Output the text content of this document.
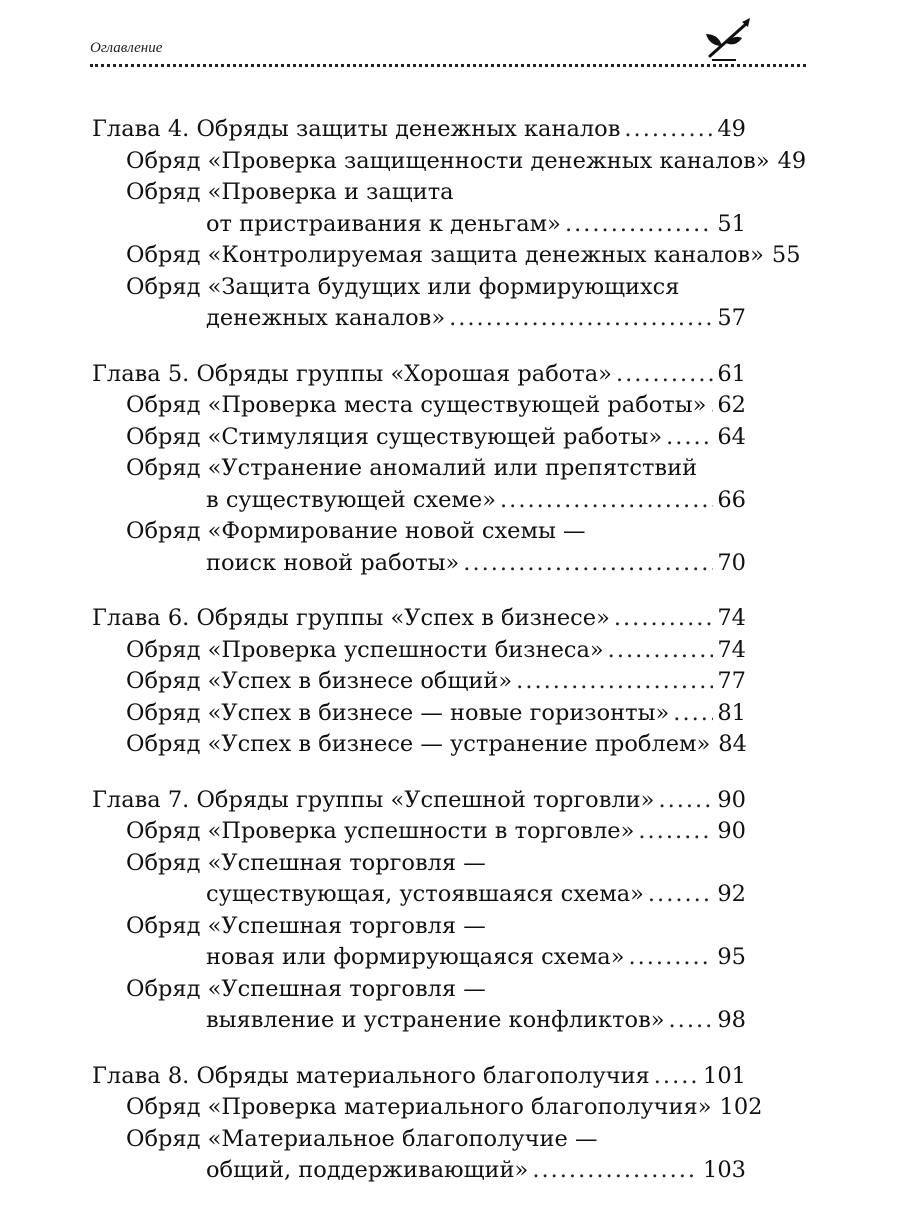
Оглавление
Глава 4. Обряды защиты денежных каналов .....	49
Обряд «Проверка защищенности денежных каналов» 49
Обряд «Проверка и защита
от пристраивания к деньгам» .....	51
Обряд «Контролируемая защита денежных каналов» 55
Обряд «Защита будущих или формирующихся
денежных каналов» .....	57
Глава 5. Обряды группы «Хорошая работа» .....	61
Обряд «Проверка места существующей работы» ..... 62
Обряд «Стимуляция существующей работы» ..... 64
Обряд «Устранение аномалий или препятствий
в существующей схеме» .....	66
Обряд «Формирование новой схемы —
поиск новой работы» .....	70
Глава 6. Обряды группы «Успех в бизнесе» .....	74
Обряд «Проверка успешности бизнеса» .....	74
Обряд «Успех в бизнесе общий» .....	77
Обряд «Успех в бизнесе — новые горизонты» ..... 81
Обряд «Успех в бизнесе — устранение проблем» 84
Глава 7. Обряды группы «Успешной торговли» .....	90
Обряд «Проверка успешности в торговле» .....	90
Обряд «Успешная торговля —
существующая, устоявшаяся схема» .....	92
Обряд «Успешная торговля —
новая или формирующаяся схема» .....	95
Обряд «Успешная торговля —
выявление и устранение конфликтов» ..... 98
Глава 8. Обряды материального благополучия ..... 101
Обряд «Проверка материального благополучия» 102
Обряд «Материальное благополучие —
общий, поддерживающий» .....	103
